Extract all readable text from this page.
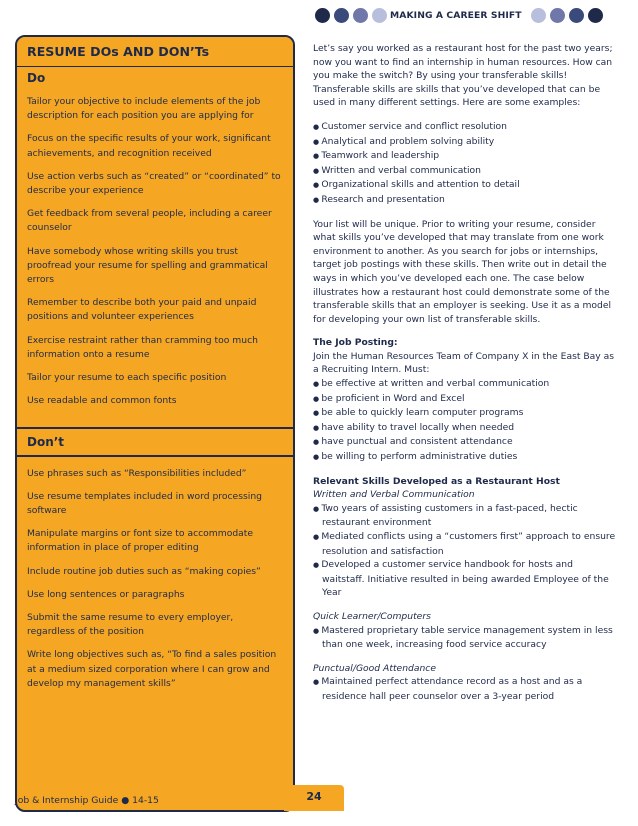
MAKING A CAREER SHIFT
RESUME DOs AND DON’Ts
Do
Tailor your objective to include elements of the job description for each position you are applying for
Focus on the specific results of your work, significant achievements, and recognition received
Use action verbs such as “created” or “coordinated” to describe your experience
Get feedback from several people, including a career counselor
Have somebody whose writing skills you trust proofread your resume for spelling and grammatical errors
Remember to describe both your paid and unpaid positions and volunteer experiences
Exercise restraint rather than cramming too much information onto a resume
Tailor your resume to each specific position
Use readable and common fonts
Don’t
Use phrases such as “Responsibilities included”
Use resume templates included in word processing software
Manipulate margins or font size to accommodate information in place of proper editing
Include routine job duties such as “making copies”
Use long sentences or paragraphs
Submit the same resume to every employer, regardless of the position
Write long objectives such as, “To find a sales position at a medium sized corporation where I can grow and develop my management skills”

Let’s say you worked as a restaurant host for the past two years; now you want to find an internship in human resources. How can you make the switch? By using your transferable skills! Transferable skills are skills that you’ve developed that can be used in many different settings. Here are some examples:

● Customer service and conflict resolution
● Analytical and problem solving ability
● Teamwork and leadership
● Written and verbal communication
● Organizational skills and attention to detail
● Research and presentation

Your list will be unique. Prior to writing your resume, consider what skills you’ve developed that may translate from one work environment to another. As you search for jobs or internships, target job postings with these skills. Then write out in detail the ways in which you’ve developed each one. The case below illustrates how a restaurant host could demonstrate some of the transferable skills that an employer is seeking. Use it as a model for developing your own list of transferable skills.

The Job Posting:
Join the Human Resources Team of Company X in the East Bay as a Recruiting Intern. Must:
● be effective at written and verbal communication
● be proficient in Word and Excel
● be able to quickly learn computer programs
● have ability to travel locally when needed
● have punctual and consistent attendance
● be willing to perform administrative duties
Relevant Skills Developed as a Restaurant Host
Written and Verbal Communication
● Two years of assisting customers in a fast-paced, hectic restaurant environment
● Mediated conflicts using a “customers first” approach to ensure resolution and satisfaction
● Developed a customer service handbook for hosts and waitstaff. Initiative resulted in being awarded Employee of the Year
Quick Learner/Computers
● Mastered proprietary table service management system in less than one week, increasing food service accuracy
Punctual/Good Attendance
● Maintained perfect attendance record as a host and as a residence hall peer counselor over a 3-year period
Job & Internship Guide ● 14-15	24
